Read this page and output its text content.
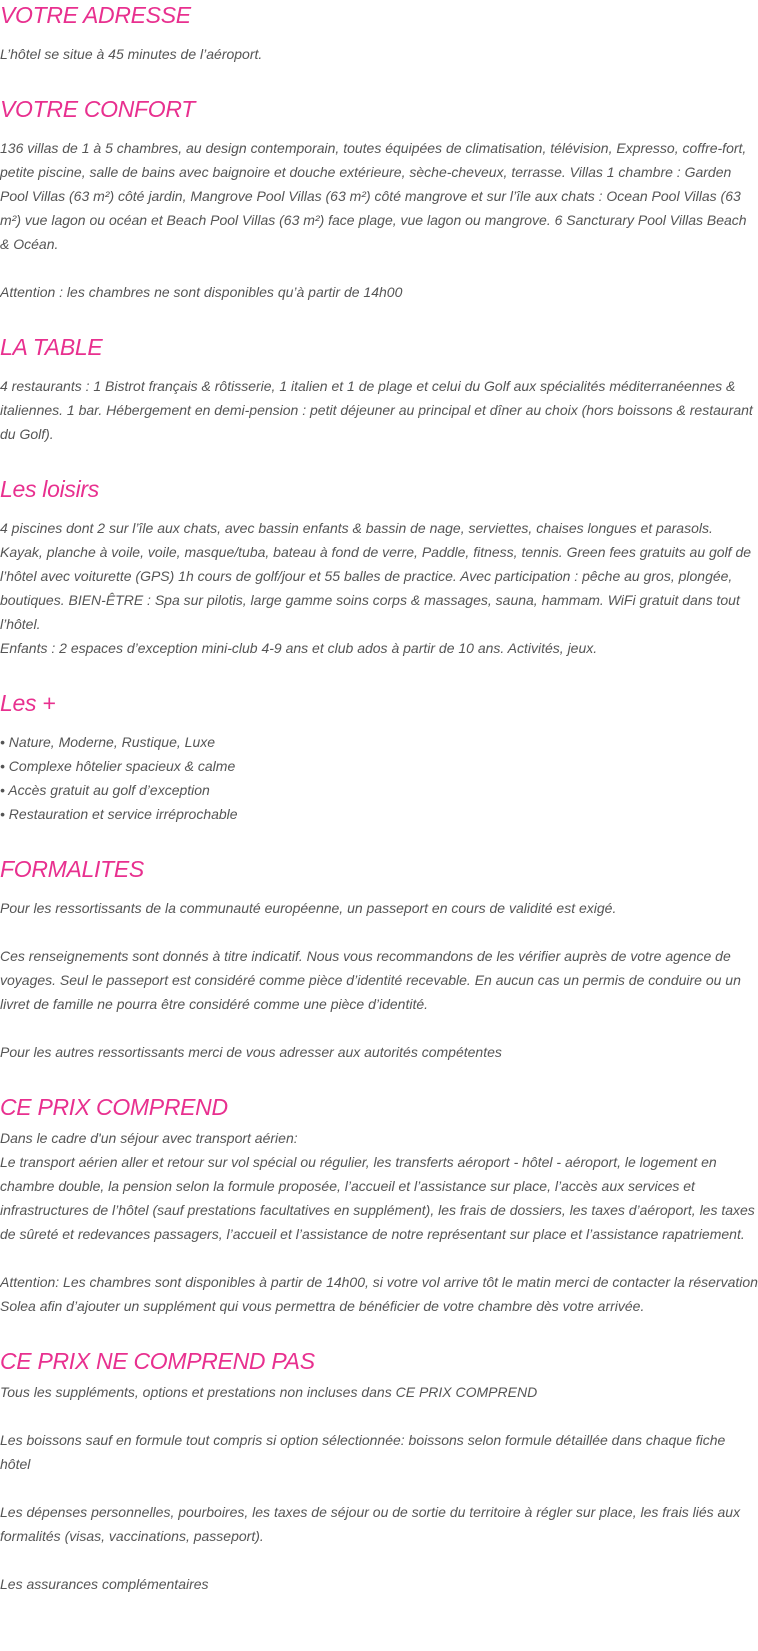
VOTRE ADRESSE

L’hôtel se situe à 45 minutes de l’aéroport.

VOTRE CONFORT

136 villas de 1 à 5 chambres, au design contemporain, toutes équipées de climatisation, télévision, Expresso, coffre-fort, petite piscine, salle de bains avec baignoire et douche extérieure, sèche-cheveux, terrasse. Villas 1 chambre : Garden Pool Villas (63 m²) côté jardin, Mangrove Pool Villas (63 m²) côté mangrove et sur l’île aux chats : Ocean Pool Villas (63 m²) vue lagon ou océan et Beach Pool Villas (63 m²) face plage, vue lagon ou mangrove. 6 Sancturary Pool Villas Beach & Océan.

Attention : les chambres ne sont disponibles qu’à partir de 14h00

LA TABLE

4 restaurants : 1 Bistrot français & rôtisserie, 1 italien et 1 de plage et celui du Golf aux spécialités méditerranéennes & italiennes. 1 bar. Hébergement en demi-pension : petit déjeuner au principal et dîner au choix (hors boissons & restaurant du Golf).

Les loisirs

4 piscines dont 2 sur l’île aux chats, avec bassin enfants & bassin de nage, serviettes, chaises longues et parasols. Kayak, planche à voile, voile, masque/tuba, bateau à fond de verre, Paddle, fitness, tennis. Green fees gratuits au golf de l’hôtel avec voiturette (GPS) 1h cours de golf/jour et 55 balles de practice. Avec participation : pêche au gros, plongée, boutiques. BIEN-ÊTRE : Spa sur pilotis, large gamme soins corps & massages, sauna, hammam. WiFi gratuit dans tout l’hôtel.

Enfants : 2 espaces d’exception mini-club 4-9 ans et club ados à partir de 10 ans. Activités, jeux.

Les +
• Nature, Moderne, Rustique, Luxe
• Complexe hôtelier spacieux & calme
• Accès gratuit au golf d’exception
• Restauration et service irréprochable
FORMALITES

Pour les ressortissants de la communauté européenne, un passeport en cours de validité est exigé.

Ces renseignements sont donnés à titre indicatif. Nous vous recommandons de les vérifier auprès de votre agence de voyages. Seul le passeport est considéré comme pièce d’identité recevable. En aucun cas un permis de conduire ou un livret de famille ne pourra être considéré comme une pièce d’identité.

Pour les autres ressortissants merci de vous adresser aux autorités compétentes

CE PRIX COMPREND

Dans le cadre d'un séjour avec transport aérien:

Le transport aérien aller et retour sur vol spécial ou régulier, les transferts aéroport - hôtel - aéroport, le logement en chambre double, la pension selon la formule proposée, l’accueil et l’assistance sur place, l’accès aux services et infrastructures de l’hôtel (sauf prestations facultatives en supplément), les frais de dossiers, les taxes d’aéroport, les taxes de sûreté et redevances passagers, l’accueil et l’assistance de notre représentant sur place et l’assistance rapatriement.

Attention: Les chambres sont disponibles à partir de 14h00, si votre vol arrive tôt le matin merci de contacter la réservation Solea afin d’ajouter un supplément qui vous permettra de bénéficier de votre chambre dès votre arrivée.

CE PRIX NE COMPREND PAS

Tous les suppléments, options et prestations non incluses dans CE PRIX COMPREND

Les boissons sauf en formule tout compris si option sélectionnée: boissons selon formule détaillée dans chaque fiche hôtel

Les dépenses personnelles, pourboires, les taxes de séjour ou de sortie du territoire à régler sur place, les frais liés aux formalités (visas, vaccinations, passeport).

Les assurances complémentaires
